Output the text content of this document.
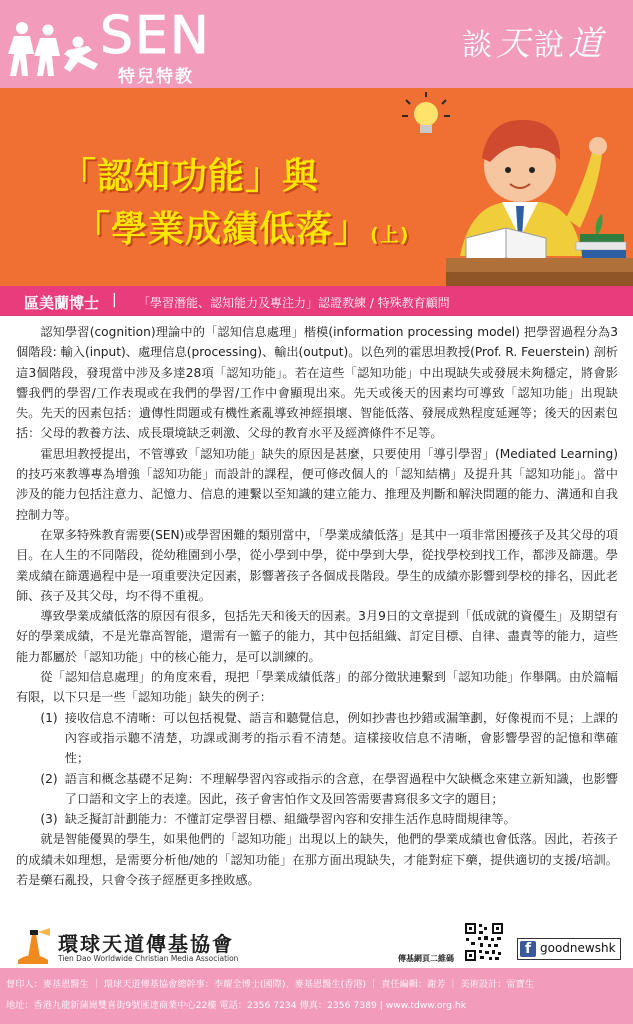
SEN
特兒特教
談天說道
「認知功能」與
「學業成績低落」(上)
區美蘭博士 | 「學習潛能、認知能力及專注力」認證教練 / 特殊教育顧問

認知學習(cognition)理論中的「認知信息處理」楷模(information processing model) 把學習過程分為3個階段: 輸入(input)、處理信息(processing)、輸出(output)。以色列的霍思坦教授(Prof. R. Feuerstein) 剖析這3個階段，發現當中涉及多達28項「認知功能」。若在這些「認知功能」中出現缺失或發展未夠穩定，將會影響我們的學習/工作表現或在我們的學習/工作中會顯現出來。先天或後天的因素均可導致「認知功能」出現缺失。先天的因素包括：遺傳性問題或有機性紊亂導致神經損壞、智能低落、發展成熟程度延遲等；後天的因素包括：父母的教養方法、成長環境缺乏刺激、父母的教育水平及經濟條件不足等。

霍思坦教授提出，不管導致「認知功能」缺失的原因是甚麼，只要使用「導引學習」(Mediated Learning) 的技巧來教導專為增強「認知功能」而設計的課程，便可修改個人的「認知結構」及提升其「認知功能」。當中涉及的能力包括注意力、記憶力、信息的連繫以至知識的建立能力、推理及判斷和解決問題的能力、溝通和自我控制力等。

在眾多特殊教育需要(SEN)或學習困難的類別當中，「學業成績低落」是其中一項非常困擾孩子及其父母的項目。在人生的不同階段，從幼稚園到小學，從小學到中學，從中學到大學，從找學校到找工作，都涉及篩選。學業成績在篩選過程中是一項重要決定因素，影響著孩子各個成長階段。學生的成績亦影響到學校的排名，因此老師、孩子及其父母，均不得不重視。

導致學業成績低落的原因有很多，包括先天和後天的因素。3月9日的文章提到「低成就的資優生」及期望有好的學業成績，不是光靠高智能，還需有一籃子的能力，其中包括組織、訂定目標、自律、盡責等的能力，這些能力都屬於「認知功能」中的核心能力，是可以訓練的。

從「認知信息處理」的角度來看，現把「學業成績低落」的部分徵狀連繫到「認知功能」作舉隅。由於篇幅有限，以下只是一些「認知功能」缺失的例子：

(1) 接收信息不清晰：可以包括視覺、語言和聽覺信息，例如抄書也抄錯或漏筆劃，好像視而不見；上課的內容或指示聽不清楚，功課或測考的指示看不清楚。這樣接收信息不清晰，會影響學習的記憶和準確性；
(2) 語言和概念基礎不足夠：不理解學習內容或指示的含意，在學習過程中欠缺概念來建立新知識，也影響了口語和文字上的表達。因此，孩子會害怕作文及回答需要書寫很多文字的題目；
(3) 缺乏擬訂計劃能力：不懂訂定學習目標、組織學習內容和安排生活作息時間規律等。

就是智能優異的學生，如果他們的「認知功能」出現以上的缺失，他們的學業成績也會低落。因此，若孩子的成績未如理想，是需要分析他/她的「認知功能」在那方面出現缺失，才能對症下藥，提供適切的支援/培訓。若是藥石亂投，只會令孩子經歷更多挫敗感。

環球天道傳基協會
Tien Dao Worldwide Christian Media Association	傳基網頁二維碼
f goodnewshk
督印人：麥基恩醫生 ｜ 環球天道傳基協會總幹事：李耀全博士(國際)、麥基恩醫生(香港) ｜ 責任編輯：謝芳 ｜ 美術設計：雷寶生
地址：香港九龍新蒲崗雙喜街9號匯達商業中心22樓 電話：2356 7234 傳真：2356 7389 | www.tdww.org.hk
